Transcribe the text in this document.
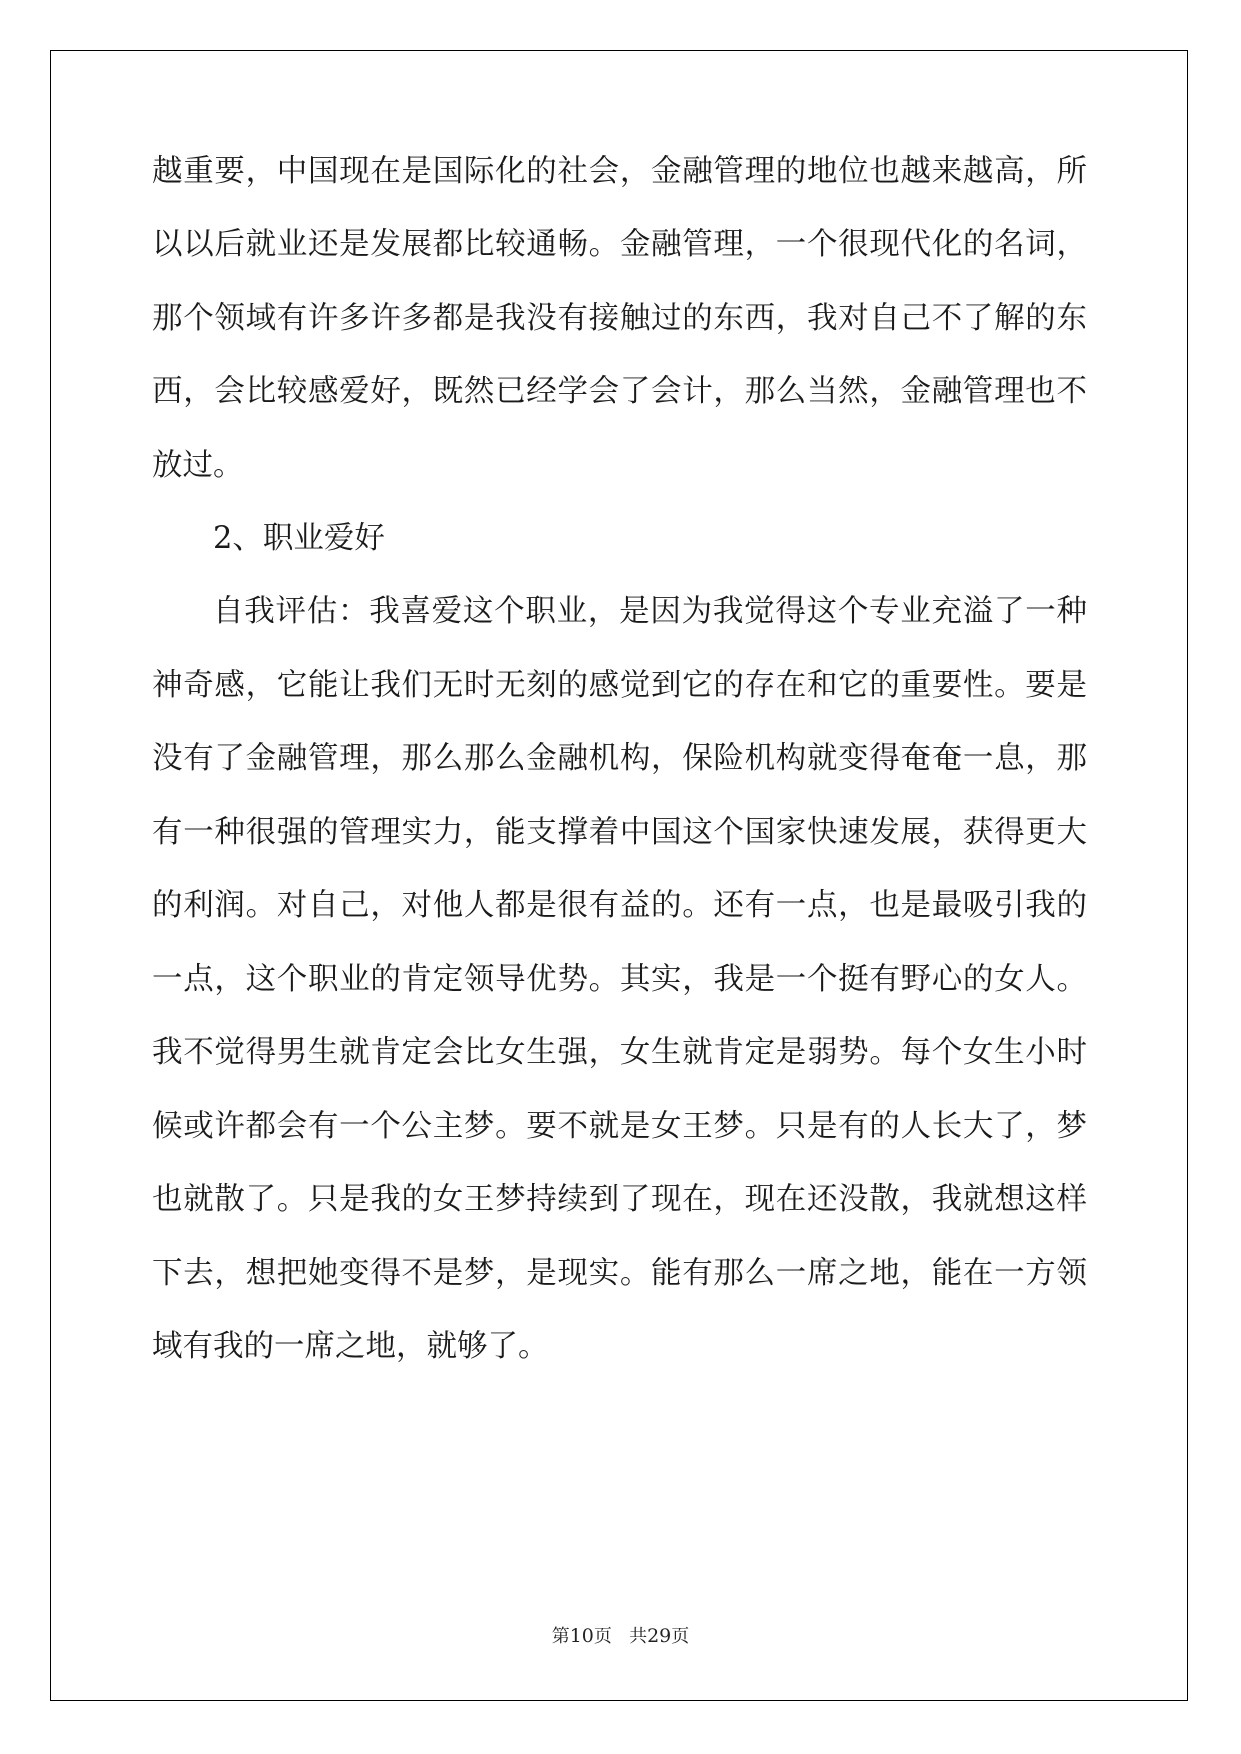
越重要，中国现在是国际化的社会，金融管理的地位也越来越高，所
以以后就业还是发展都比较通畅。金融管理，一个很现代化的名词，
那个领域有许多许多都是我没有接触过的东西，我对自己不了解的东
西，会比较感爱好，既然已经学会了会计，那么当然，金融管理也不
放过。
2、职业爱好
自我评估：我喜爱这个职业，是因为我觉得这个专业充溢了一种
神奇感，它能让我们无时无刻的感觉到它的存在和它的重要性。要是
没有了金融管理，那么那么金融机构，保险机构就变得奄奄一息，那
有一种很强的管理实力，能支撑着中国这个国家快速发展，获得更大
的利润。对自己，对他人都是很有益的。还有一点，也是最吸引我的
一点，这个职业的肯定领导优势。其实，我是一个挺有野心的女人。
我不觉得男生就肯定会比女生强，女生就肯定是弱势。每个女生小时
候或许都会有一个公主梦。要不就是女王梦。只是有的人长大了，梦
也就散了。只是我的女王梦持续到了现在，现在还没散，我就想这样
下去，想把她变得不是梦，是现实。能有那么一席之地，能在一方领
域有我的一席之地，就够了。
第10页 共29页
